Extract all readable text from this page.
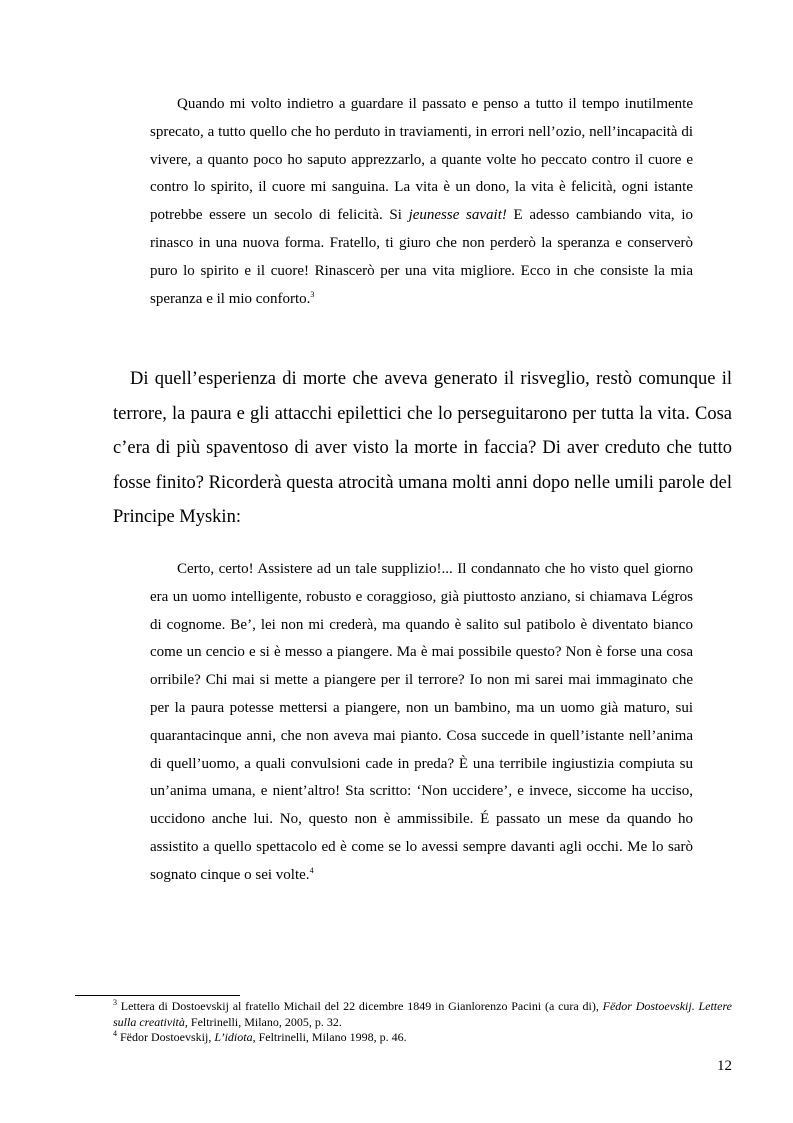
Quando mi volto indietro a guardare il passato e penso a tutto il tempo inutilmente sprecato, a tutto quello che ho perduto in traviamenti, in errori nell’ozio, nell’incapacità di vivere, a quanto poco ho saputo apprezzarlo, a quante volte ho peccato contro il cuore e contro lo spirito, il cuore mi sanguina. La vita è un dono, la vita è felicità, ogni istante potrebbe essere un secolo di felicità. Si jeunesse savait! E adesso cambiando vita, io rinasco in una nuova forma. Fratello, ti giuro che non perderò la speranza e conserverò puro lo spirito e il cuore! Rinascerò per una vita migliore. Ecco in che consiste la mia speranza e il mio conforto.$^3$

Di quell’esperienza di morte che aveva generato il risveglio, restò comunque il terrore, la paura e gli attacchi epilettici che lo perseguitarono per tutta la vita. Cosa c’era di più spaventoso di aver visto la morte in faccia? Di aver creduto che tutto fosse finito? Ricorderà questa atrocità umana molti anni dopo nelle umili parole del Principe Myskin:

Certo, certo! Assistere ad un tale supplizio!... Il condannato che ho visto quel giorno era un uomo intelligente, robusto e coraggioso, già piuttosto anziano, si chiamava Légros di cognome. Be’, lei non mi crederà, ma quando è salito sul patibolo è diventato bianco come un cencio e si è messo a piangere. Ma è mai possibile questo? Non è forse una cosa orribile? Chi mai si mette a piangere per il terrore? Io non mi sarei mai immaginato che per la paura potesse mettersi a piangere, non un bambino, ma un uomo già maturo, sui quarantacinque anni, che non aveva mai pianto. Cosa succede in quell’istante nell’anima di quell’uomo, a quali convulsioni cade in preda? È una terribile ingiustizia compiuta su un’anima umana, e nient’altro! Sta scritto: ‘Non uccidere’, e invece, siccome ha ucciso, uccidono anche lui. No, questo non è ammissibile. É passato un mese da quando ho assistito a quello spettacolo ed è come se lo avessi sempre davanti agli occhi. Me lo sarò sognato cinque o sei volte.$^4$

$^3$ Lettera di Dostoevskij al fratello Michail del 22 dicembre 1849 in Gianlorenzo Pacini (a cura di), Fëdor Dostoevskij. Lettere sulla creatività, Feltrinelli, Milano, 2005, p. 32.

$^4$ Fëdor Dostoevskij, L’idiota, Feltrinelli, Milano 1998, p. 46.

12
